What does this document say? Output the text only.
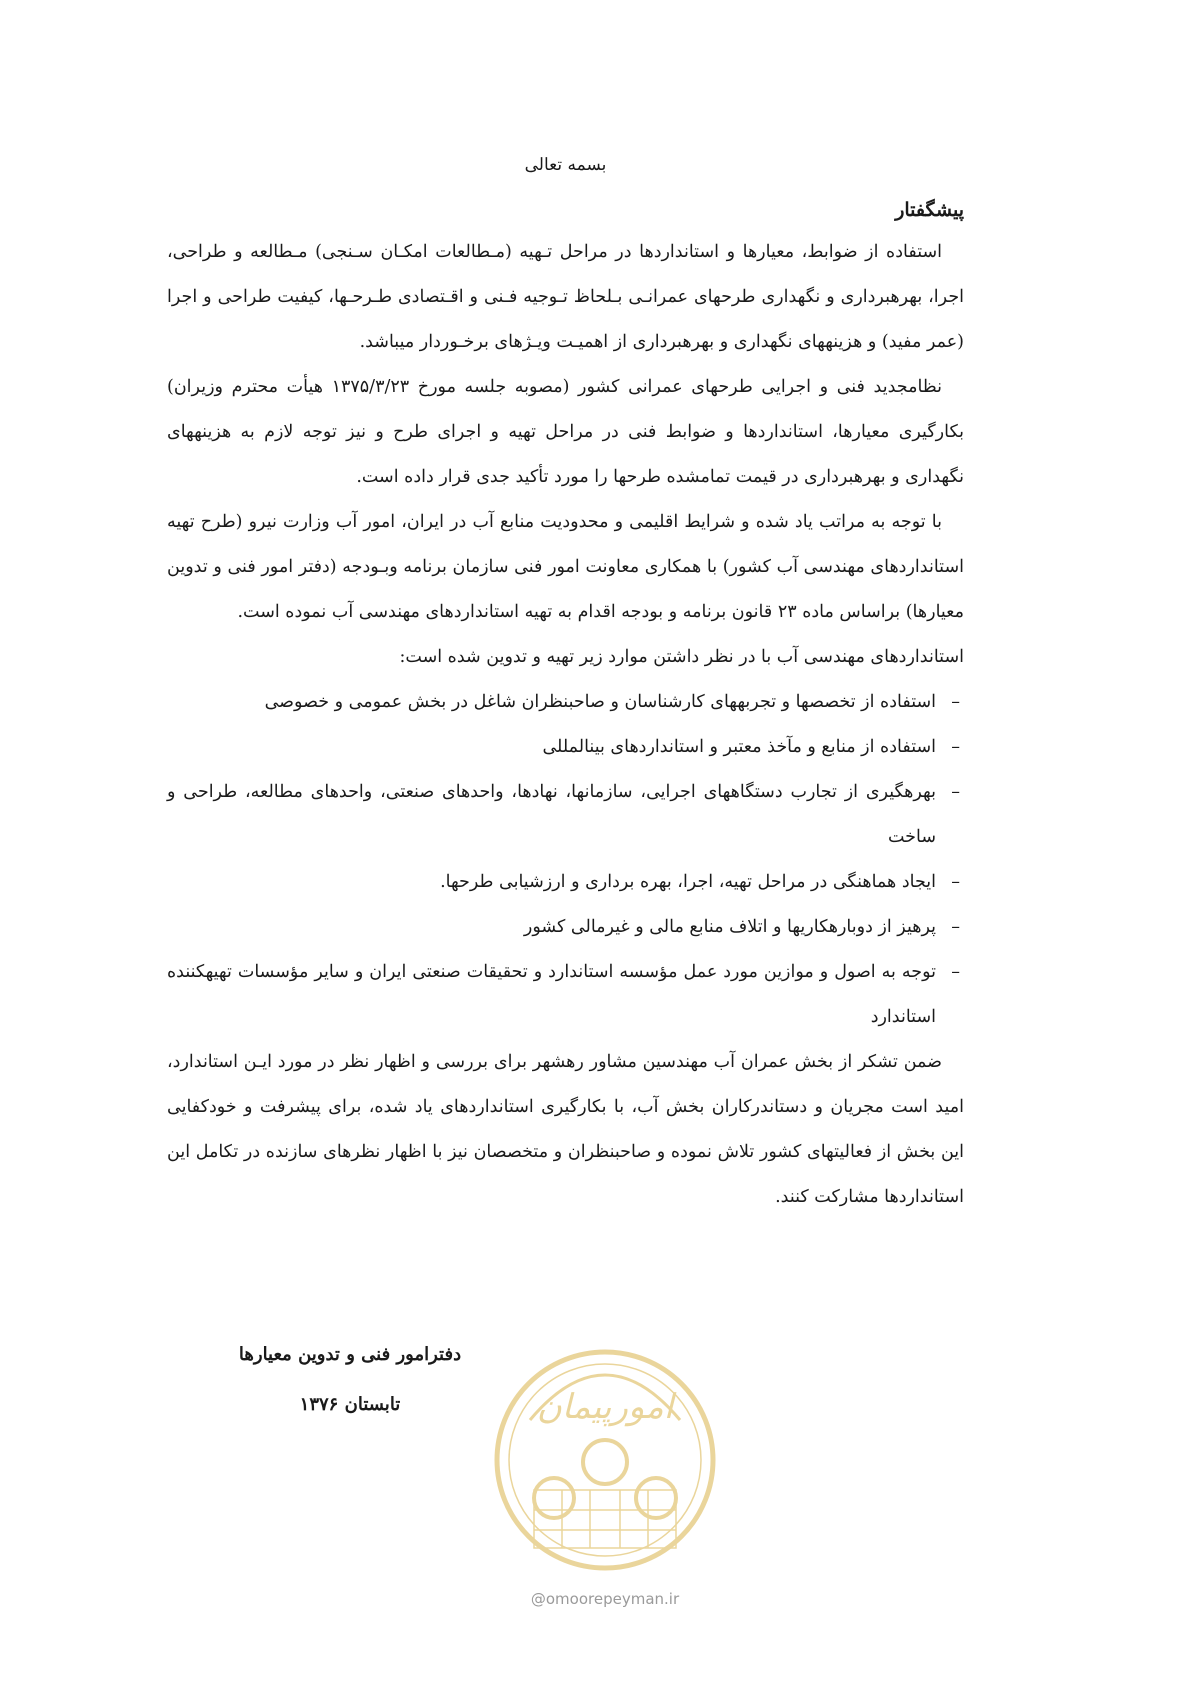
بسمه تعالی
پیشگفتار

استفاده از ضوابط، معیارها و استانداردها در مراحل تـهیه (مـطالعات امکـان سـنجی) مـطالعه و طراحی، اجرا، بهرهبرداری و نگهداری طرحهای عمرانـی بـلحاظ تـوجیه فـنی و اقـتصادی طـرحـها، کیفیت طراحی و اجرا (عمر مفید) و هزینههای نگهداری و بهرهبرداری از اهمیـت ویـژهای برخـوردار میباشد.

نظامجدید فنی و اجرایی طرحهای عمرانی کشور (مصوبه جلسه مورخ ۱۳۷۵/۳/۲۳ هیأت محترم وزیران) بکارگیری معیارها، استانداردها و ضوابط فنی در مراحل تهیه و اجرای طرح و نیز توجه لازم به هزینههای نگهداری و بهرهبرداری در قیمت تمامشده طرحها را مورد تأکید جدی قرار داده است.

با توجه به مراتب یاد شده و شرایط اقلیمی و محدودیت منابع آب در ایران، امور آب وزارت نیرو (طرح تهیه استانداردهای مهندسی آب کشور) با همکاری معاونت امور فنی سازمان برنامه وبـودجه (دفتر امور فنی و تدوین معیارها) براساس ماده ۲۳ قانون برنامه و بودجه اقدام به تهیه استانداردهای مهندسی آب نموده است.

استانداردهای مهندسی آب با در نظر داشتن موارد زیر تهیه و تدوین شده است:

–
استفاده از تخصصها و تجربههای کارشناسان و صاحبنظران شاغل در بخش عمومی و خصوصی
–
استفاده از منابع و مآخذ معتبر و استانداردهای بینالمللی
–
بهرهگیری از تجارب دستگاههای اجرایی، سازمانها، نهادها، واحدهای صنعتی، واحدهای مطالعه، طراحی و ساخت
–
ایجاد هماهنگی در مراحل تهیه، اجرا، بهره برداری و ارزشیابی طرحها.
–
پرهیز از دوبارهکاریها و اتلاف منابع مالی و غیرمالی کشور
–
توجه به اصول و موازین مورد عمل مؤسسه استاندارد و تحقیقات صنعتی ایران و سایر مؤسسات تهیهکننده استاندارد

ضمن تشکر از بخش عمران آب مهندسین مشاور رهشهر برای بررسی و اظهار نظر در مورد ایـن استاندارد، امید است مجریان و دستاندرکاران بخش آب، با بکارگیری استانداردهای یاد شده، برای پیشرفت و خودکفایی این بخش از فعالیتهای کشور تلاش نموده و صاحبنظران و متخصصان نیز با اظهار نظرهای سازنده در تکامل این استانداردها مشارکت کنند.

دفترامور فنی و تدوین معیارها
تابستان ۱۳۷۶	امورپیمان
@omoorepeyman.ir
